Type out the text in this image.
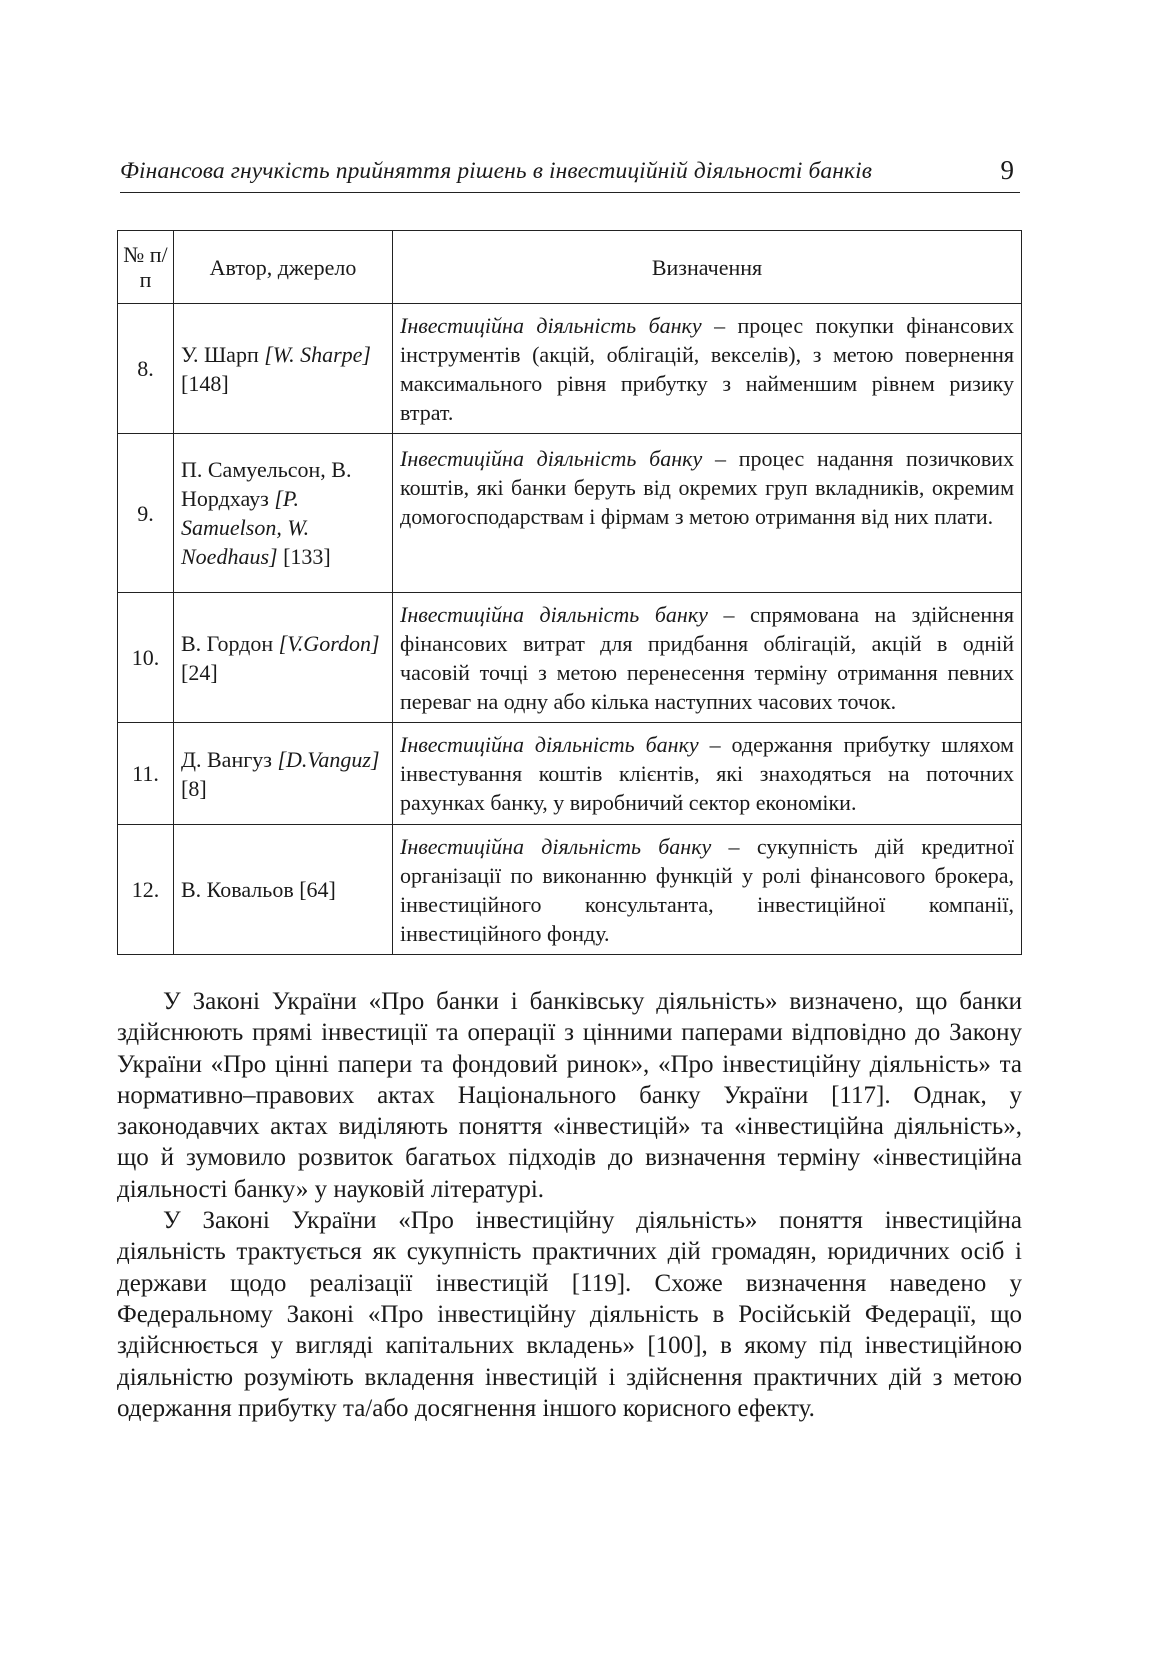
Фінансова гнучкість прийняття рішень в інвестиційній діяльності банків	9
№ п/п	Автор, джерело	Визначення
8.	У. Шарп [W. Sharpe] [148]	Інвестиційна діяльність банку – процес покупки фінансових інструментів (акцій, облігацій, векселів), з метою повернення максимального рівня прибутку з найменшим рівнем ризику втрат.
9.	П. Самуельсон, В. Нордхауз [P. Samuelson, W. Noedhaus] [133]	Інвестиційна діяльність банку – процес надання позичкових коштів, які банки беруть від окремих груп вкладників, окремим домогосподарствам і фірмам з метою отримання від них плати.
10.	В. Гордон [V.Gordon] [24]	Інвестиційна діяльність банку – спрямована на здійснення фінансових витрат для придбання облігацій, акцій в одній часовій точці з метою перенесення терміну отримання певних переваг на одну або кілька наступних часових точок.
11.	Д. Вангуз [D.Vanguz] [8]	Інвестиційна діяльність банку – одержання прибутку шляхом інвестування коштів клієнтів, які знаходяться на поточних рахунках банку, у виробничий сектор економіки.
12.	В. Ковальов [64]	Інвестиційна діяльність банку – сукупність дій кредитної організації по виконанню функцій у ролі фінансового брокера, інвестиційного консультанта, інвестиційної компанії, інвестиційного фонду.

У Законі України «Про банки і банківську діяльність» визначено, що банки здійснюють прямі інвестиції та операції з цінними паперами відповідно до Закону України «Про цінні папери та фондовий ринок», «Про інвестиційну діяльність» та нормативно–правових актах Національного банку України [117]. Однак, у законодавчих актах виділяють поняття «інвестицій» та «інвестиційна діяльність», що й зумовило розвиток багатьох підходів до визначення терміну «інвестиційна діяльності банку» у науковій літературі.

У Законі України «Про інвестиційну діяльність» поняття інвестиційна діяльність трактується як сукупність практичних дій громадян, юридичних осіб і держави щодо реалізації інвестицій [119]. Схоже визначення наведено у Федеральному Законі «Про інвестиційну діяльність в Російській Федерації, що здійснюється у вигляді капітальних вкладень» [100], в якому під інвестиційною діяльністю розуміють вкладення інвестицій і здійснення практичних дій з метою одержання прибутку та/або досягнення іншого корисного ефекту.
